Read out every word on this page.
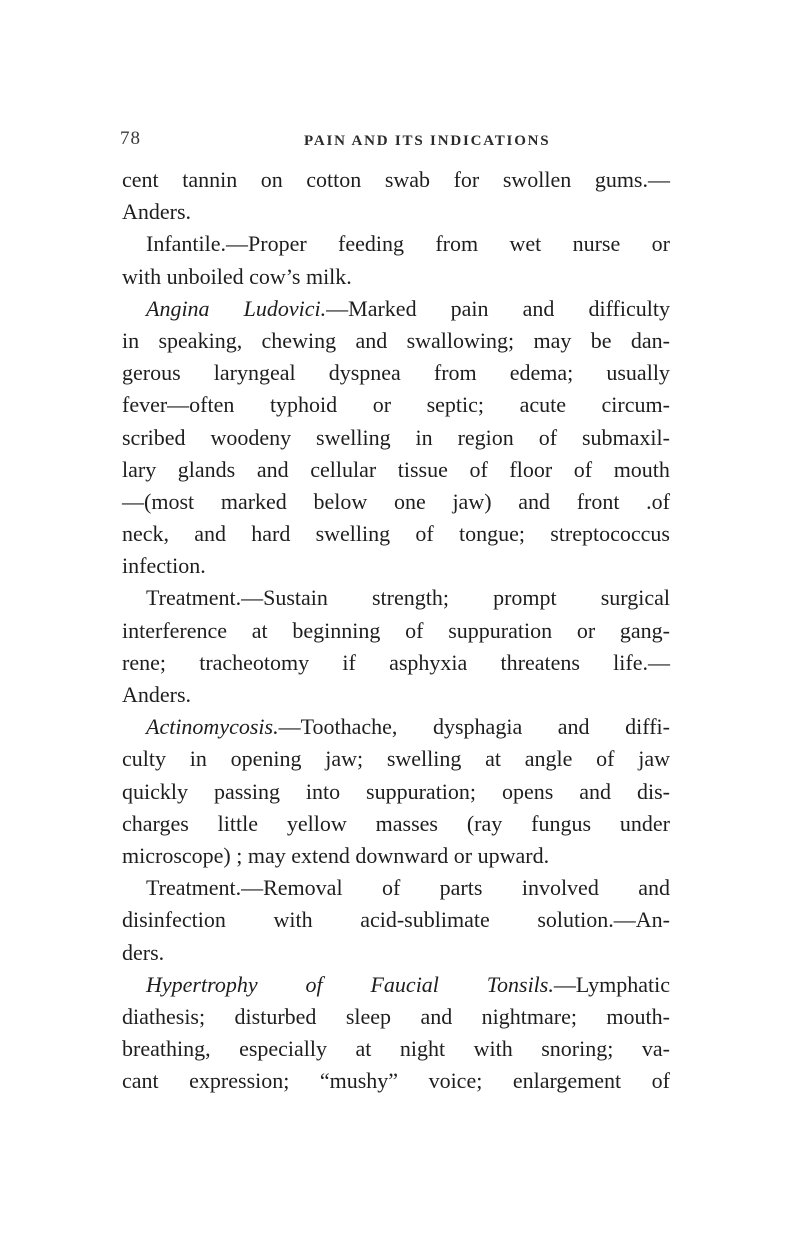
78	PAIN AND ITS INDICATIONS
cent tannin on cotton swab for swollen gums.—
Anders.
Infantile.—Proper feeding from wet nurse or
with
unboiled
cow’s
milk.
Angina Ludovici.—Marked pain and difficulty
in speaking, chewing and swallowing; may be dan-
gerous laryngeal dyspnea from edema; usually
fever—often typhoid or septic; acute circum-
scribed woodeny swelling in region of submaxil-
lary glands and cellular tissue of floor of mouth
—(most marked below one jaw) and front .of
neck, and hard swelling of tongue; streptococcus
infection.
Treatment.—Sustain strength; prompt surgical
interference at beginning of suppuration or gang-
rene; tracheotomy if asphyxia threatens life.—
Anders.
Actinomycosis.—Toothache, dysphagia and diffi-
culty in opening jaw; swelling at angle of jaw
quickly passing into suppuration; opens and dis-
charges little yellow masses (ray fungus under
microscope)
;
may
extend
downward
or
upward.
Treatment.—Removal of parts involved and
disinfection with acid-sublimate solution.—An-
ders.
Hypertrophy of Faucial Tonsils.—Lymphatic
diathesis; disturbed sleep and nightmare; mouth-
breathing, especially at night with snoring; va-
cant expression; “mushy” voice; enlargement of
